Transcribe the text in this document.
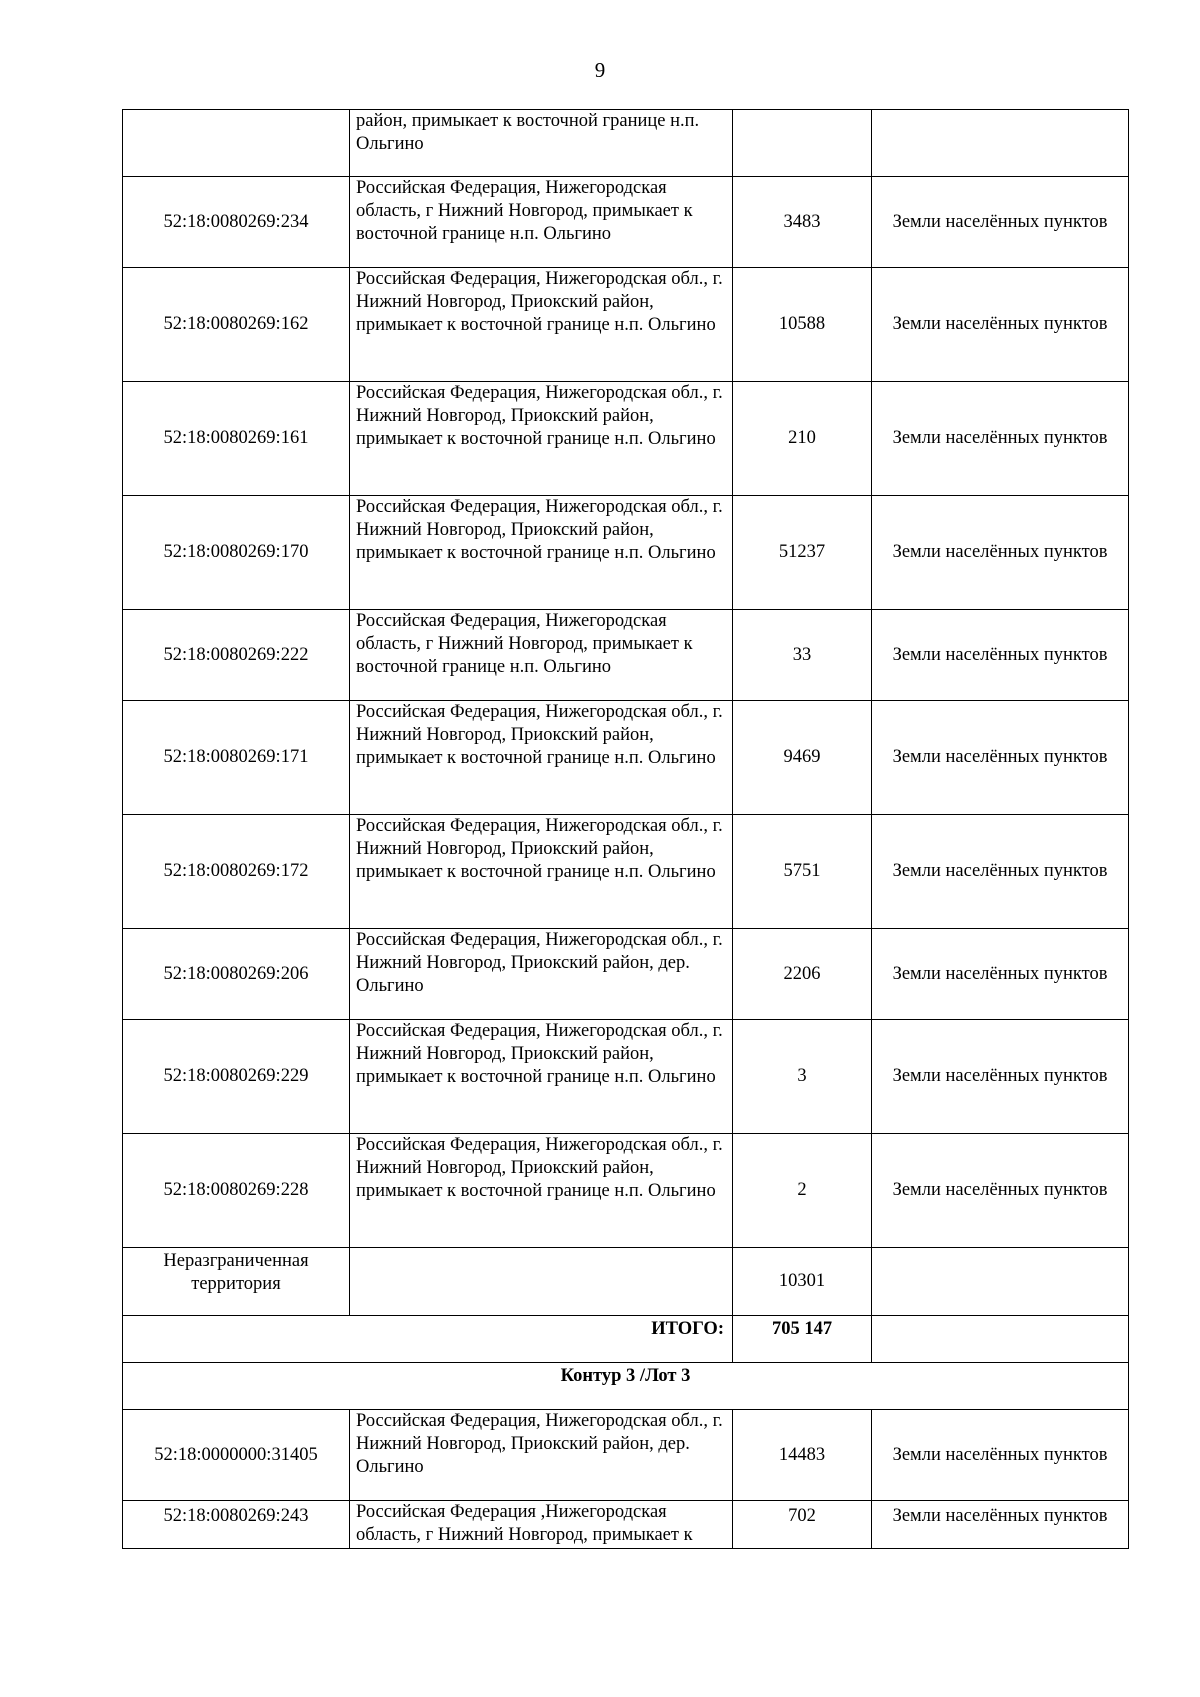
9
	район, примыкает к восточной границе н.п. Ольгино		
52:18:0080269:234	Российская Федерация, Нижегородская область, г Нижний Новгород, примыкает к восточной границе н.п. Ольгино	3483	Земли населённых пунктов
52:18:0080269:162	Российская Федерация, Нижегородская обл., г. Нижний Новгород, Приокский район, примыкает к восточной границе н.п. Ольгино	10588	Земли населённых пунктов
52:18:0080269:161	Российская Федерация, Нижегородская обл., г. Нижний Новгород, Приокский район, примыкает к восточной границе н.п. Ольгино	210	Земли населённых пунктов
52:18:0080269:170	Российская Федерация, Нижегородская обл., г. Нижний Новгород, Приокский район, примыкает к восточной границе н.п. Ольгино	51237	Земли населённых пунктов
52:18:0080269:222	Российская Федерация, Нижегородская область, г Нижний Новгород, примыкает к восточной границе н.п. Ольгино	33	Земли населённых пунктов
52:18:0080269:171	Российская Федерация, Нижегородская обл., г. Нижний Новгород, Приокский район, примыкает к восточной границе н.п. Ольгино	9469	Земли населённых пунктов
52:18:0080269:172	Российская Федерация, Нижегородская обл., г. Нижний Новгород, Приокский район, примыкает к восточной границе н.п. Ольгино	5751	Земли населённых пунктов
52:18:0080269:206	Российская Федерация, Нижегородская обл., г. Нижний Новгород, Приокский район, дер. Ольгино	2206	Земли населённых пунктов
52:18:0080269:229	Российская Федерация, Нижегородская обл., г. Нижний Новгород, Приокский район, примыкает к восточной границе н.п. Ольгино	3	Земли населённых пунктов
52:18:0080269:228	Российская Федерация, Нижегородская обл., г. Нижний Новгород, Приокский район, примыкает к восточной границе н.п. Ольгино	2	Земли населённых пунктов
Неразграниченная территория		10301	
ИТОГО:		705 147	
Контур 3 /Лот 3			
52:18:0000000:31405	Российская Федерация, Нижегородская обл., г. Нижний Новгород, Приокский район, дер. Ольгино	14483	Земли населённых пунктов
52:18:0080269:243	Российская Федерация ,Нижегородская область, г Нижний Новгород, примыкает к	702	Земли населённых пунктов
